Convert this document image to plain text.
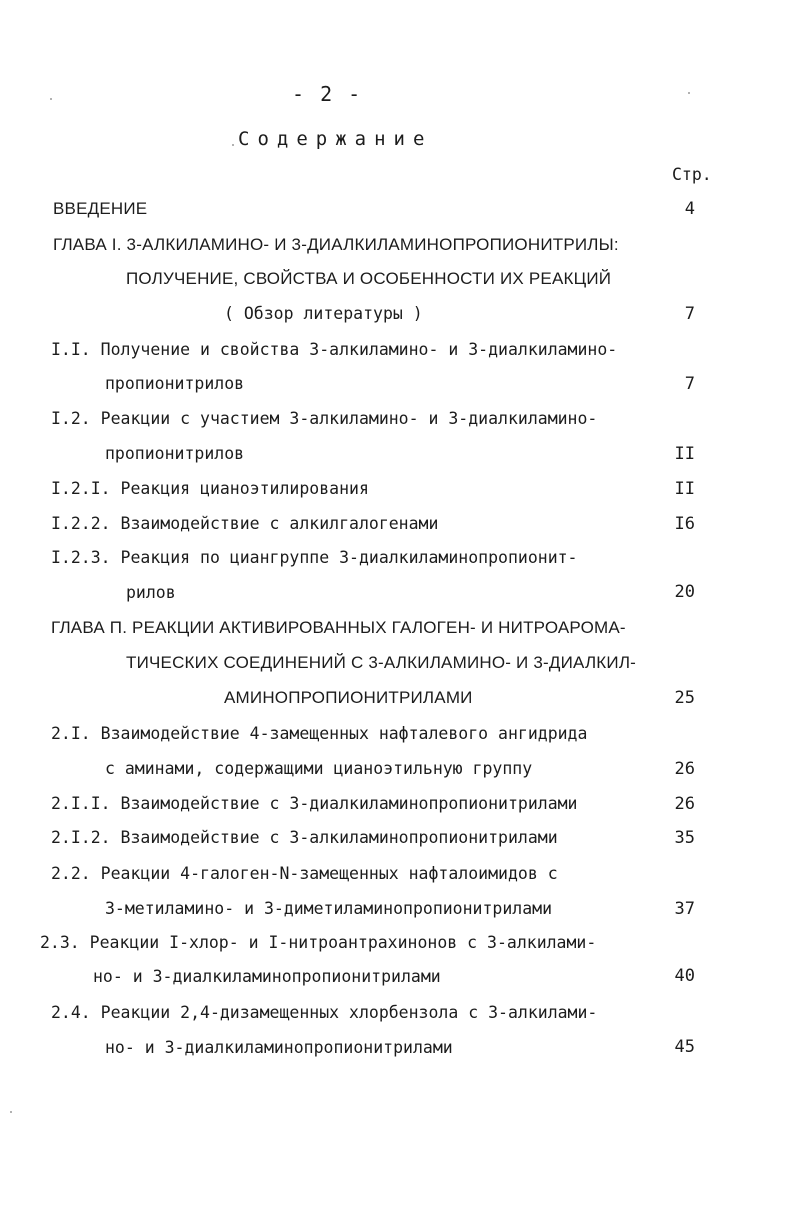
- 2 -
Содержание
Стр.
ВВЕДЕНИЕ	4
ГЛАВА I. 3-АЛКИЛАМИНО- И 3-ДИАЛКИЛАМИНОПРОПИОНИТРИЛЫ:
ПОЛУЧЕНИЕ, СВОЙСТВА И ОСОБЕННОСТИ ИХ РЕАКЦИЙ
( Обзор литературы )	7
I.I. Получение и свойства 3-алкиламино- и 3-диалкиламино-
пропионитрилов	7
I.2. Реакции с участием 3-алкиламино- и 3-диалкиламино-
пропионитрилов	II
I.2.I. Реакция цианоэтилирования	II
I.2.2. Взаимодействие с алкилгалогенами	I6
I.2.3. Реакция по циангруппе 3-диалкиламинопропионит-
рилов	20
ГЛАВА П. РЕАКЦИИ АКТИВИРОВАННЫХ ГАЛОГЕН- И НИТРОАРОМА-
ТИЧЕСКИХ СОЕДИНЕНИЙ С 3-АЛКИЛАМИНО- И 3-ДИАЛКИЛ-
АМИНОПРОПИОНИТРИЛАМИ	25
2.I. Взаимодействие 4-замещенных нафталевого ангидрида
с аминами, содержащими цианоэтильную группу	26
2.I.I. Взаимодействие с 3-диалкиламинопропионитрилами	26
2.I.2. Взаимодействие с 3-алкиламинопропионитрилами	35
2.2. Реакции 4-галоген-N-замещенных нафталоимидов с
3-метиламино- и 3-диметиламинопропионитрилами	37
2.3. Реакции I-хлор- и I-нитроантрахинонов с 3-алкилами-
но- и 3-диалкиламинопропионитрилами	40
2.4. Реакции 2,4-дизамещенных хлорбензола с 3-алкилами-
но- и 3-диалкиламинопропионитрилами	45
